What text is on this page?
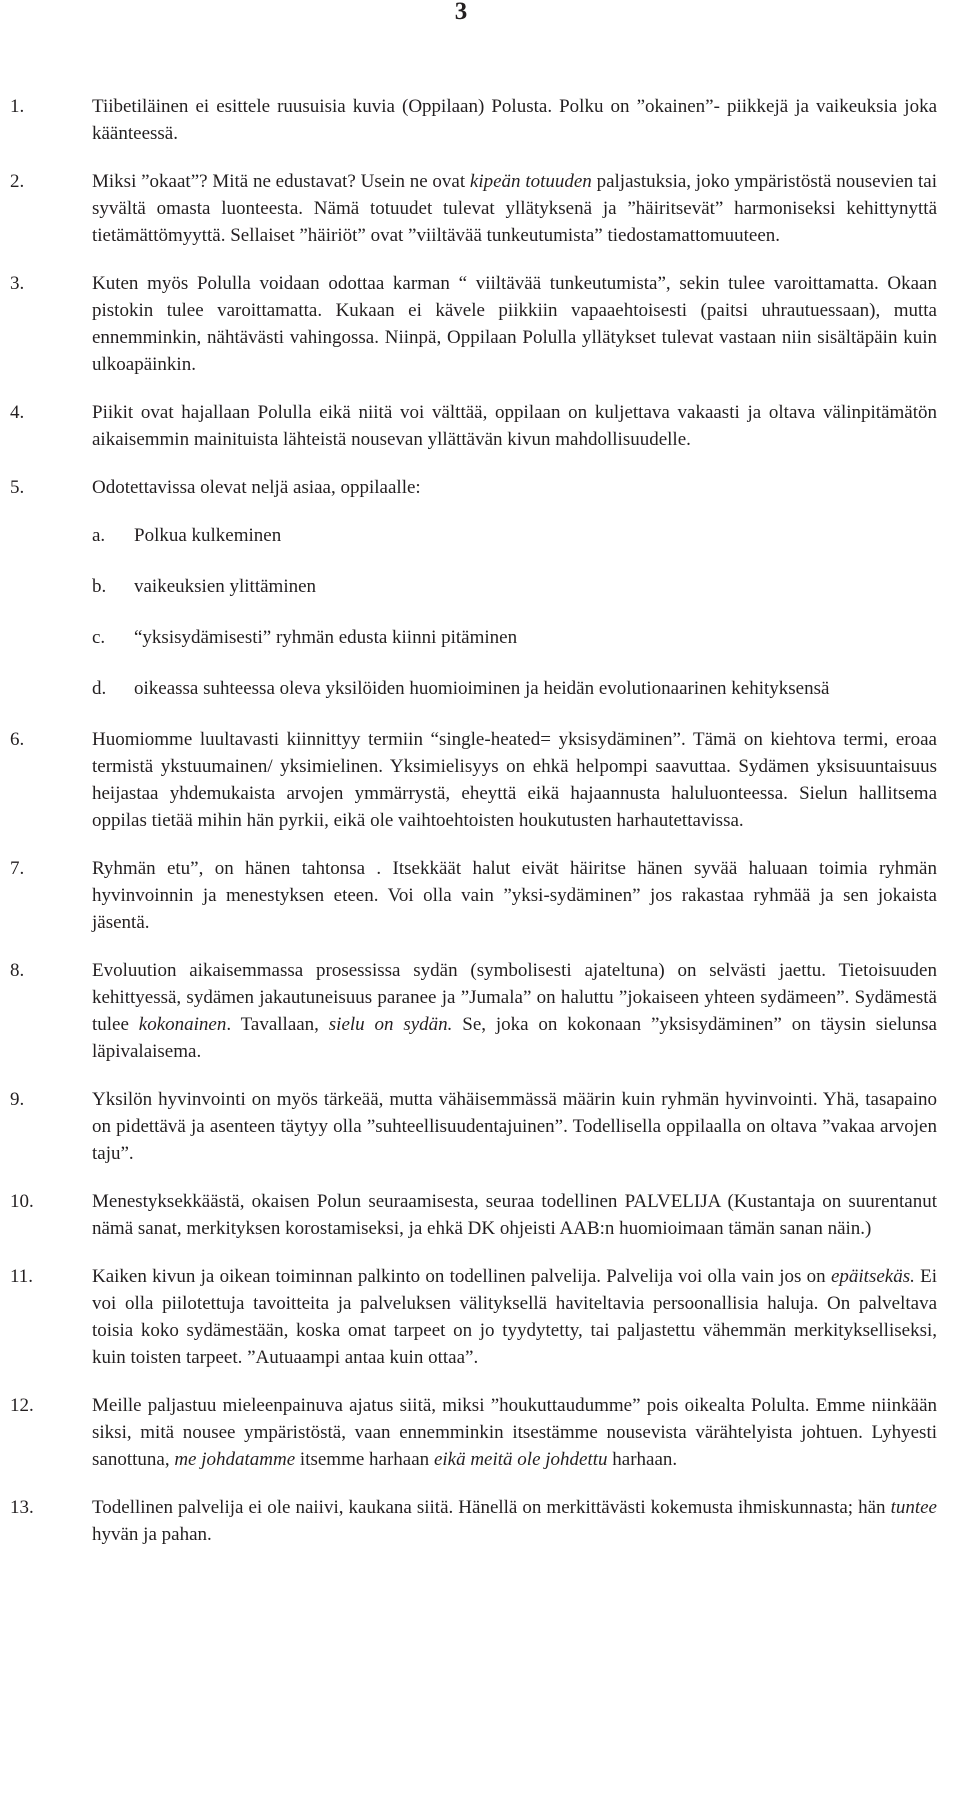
3
1.	Tiibetiläinen ei esittele ruusuisia kuvia (Oppilaan) Polusta. Polku on ”okainen”- piikkejä ja vaikeuksia joka käänteessä.
2.	Miksi ”okaat”? Mitä ne edustavat? Usein ne ovat kipeän totuuden paljastuksia, joko ympäristöstä nousevien tai syvältä omasta luonteesta. Nämä totuudet tulevat yllätyksenä ja ”häiritsevät” harmoniseksi kehittynyttä tietämättömyyttä. Sellaiset ”häiriöt” ovat ”viiltävää tunkeutumista” tiedostamattomuuteen.
3.	Kuten myös Polulla voidaan odottaa karman “ viiltävää tunkeutumista”, sekin tulee varoittamatta. Okaan pistokin tulee varoittamatta. Kukaan ei kävele piikkiin vapaaehtoisesti (paitsi uhrautuessaan), mutta ennemminkin, nähtävästi vahingossa. Niinpä, Oppilaan Polulla yllätykset tulevat vastaan niin sisältäpäin kuin ulkoapäinkin.
4.	Piikit ovat hajallaan Polulla eikä niitä voi välttää, oppilaan on kuljettava vakaasti ja oltava välinpitämätön aikaisemmin mainituista lähteistä nousevan yllättävän kivun mahdollisuudelle.
5.	Odotettavissa olevat neljä asiaa, oppilaalle:
a.	Polkua kulkeminen
b.	vaikeuksien ylittäminen
c.	“yksisydämisesti” ryhmän edusta kiinni pitäminen
d.	oikeassa suhteessa oleva yksilöiden huomioiminen ja heidän evolutionaarinen kehityksensä
6.	Huomiomme luultavasti kiinnittyy termiin “single-heated= yksisydäminen”. Tämä on kiehtova termi, eroaa termistä ykstuumainen/ yksimielinen. Yksimielisyys on ehkä helpompi saavuttaa. Sydämen yksisuuntaisuus heijastaa yhdemukaista arvojen ymmärrystä, eheyttä eikä hajaannusta haluluonteessa. Sielun hallitsema oppilas tietää mihin hän pyrkii, eikä ole vaihtoehtoisten houkutusten harhautettavissa.
7.	Ryhmän etu”, on hänen tahtonsa . Itsekkäät halut eivät häiritse hänen syvää haluaan toimia ryhmän hyvinvoinnin ja menestyksen eteen. Voi olla vain ”yksi-sydäminen” jos rakastaa ryhmää ja sen jokaista jäsentä.
8.	Evoluution aikaisemmassa prosessissa sydän (symbolisesti ajateltuna) on selvästi jaettu. Tietoisuuden kehittyessä, sydämen jakautuneisuus paranee ja ”Jumala” on haluttu ”jokaiseen yhteen sydämeen”. Sydämestä tulee kokonainen. Tavallaan, sielu on sydän. Se, joka on kokonaan ”yksisydäminen” on täysin sielunsa läpivalaisema.
9.	Yksilön hyvinvointi on myös tärkeää, mutta vähäisemmässä määrin kuin ryhmän hyvinvointi. Yhä, tasapaino on pidettävä ja asenteen täytyy olla ”suhteellisuudentajuinen”. Todellisella oppilaalla on oltava ”vakaa arvojen taju”.
10.	Menestyksekkäästä, okaisen Polun seuraamisesta, seuraa todellinen PALVELIJA (Kustantaja on suurentanut nämä sanat, merkityksen korostamiseksi, ja ehkä DK ohjeisti AAB:n huomioimaan tämän sanan näin.)
11.	Kaiken kivun ja oikean toiminnan palkinto on todellinen palvelija. Palvelija voi olla vain jos on epäitsekäs. Ei voi olla piilotettuja tavoitteita ja palveluksen välityksellä haviteltavia persoonallisia haluja. On palveltava toisia koko sydämestään, koska omat tarpeet on jo tyydytetty, tai paljastettu vähemmän merkitykselliseksi, kuin toisten tarpeet. ”Autuaampi antaa kuin ottaa”.
12.	Meille paljastuu mieleenpainuva ajatus siitä, miksi ”houkuttaudumme” pois oikealta Polulta. Emme niinkään siksi, mitä nousee ympäristöstä, vaan ennemminkin itsestämme nousevista värähtelyista johtuen. Lyhyesti sanottuna, me johdatamme itsemme harhaan eikä meitä ole johdettu harhaan.
13.	Todellinen palvelija ei ole naiivi, kaukana siitä. Hänellä on merkittävästi kokemusta ihmiskunnasta; hän tuntee hyvän ja pahan.
